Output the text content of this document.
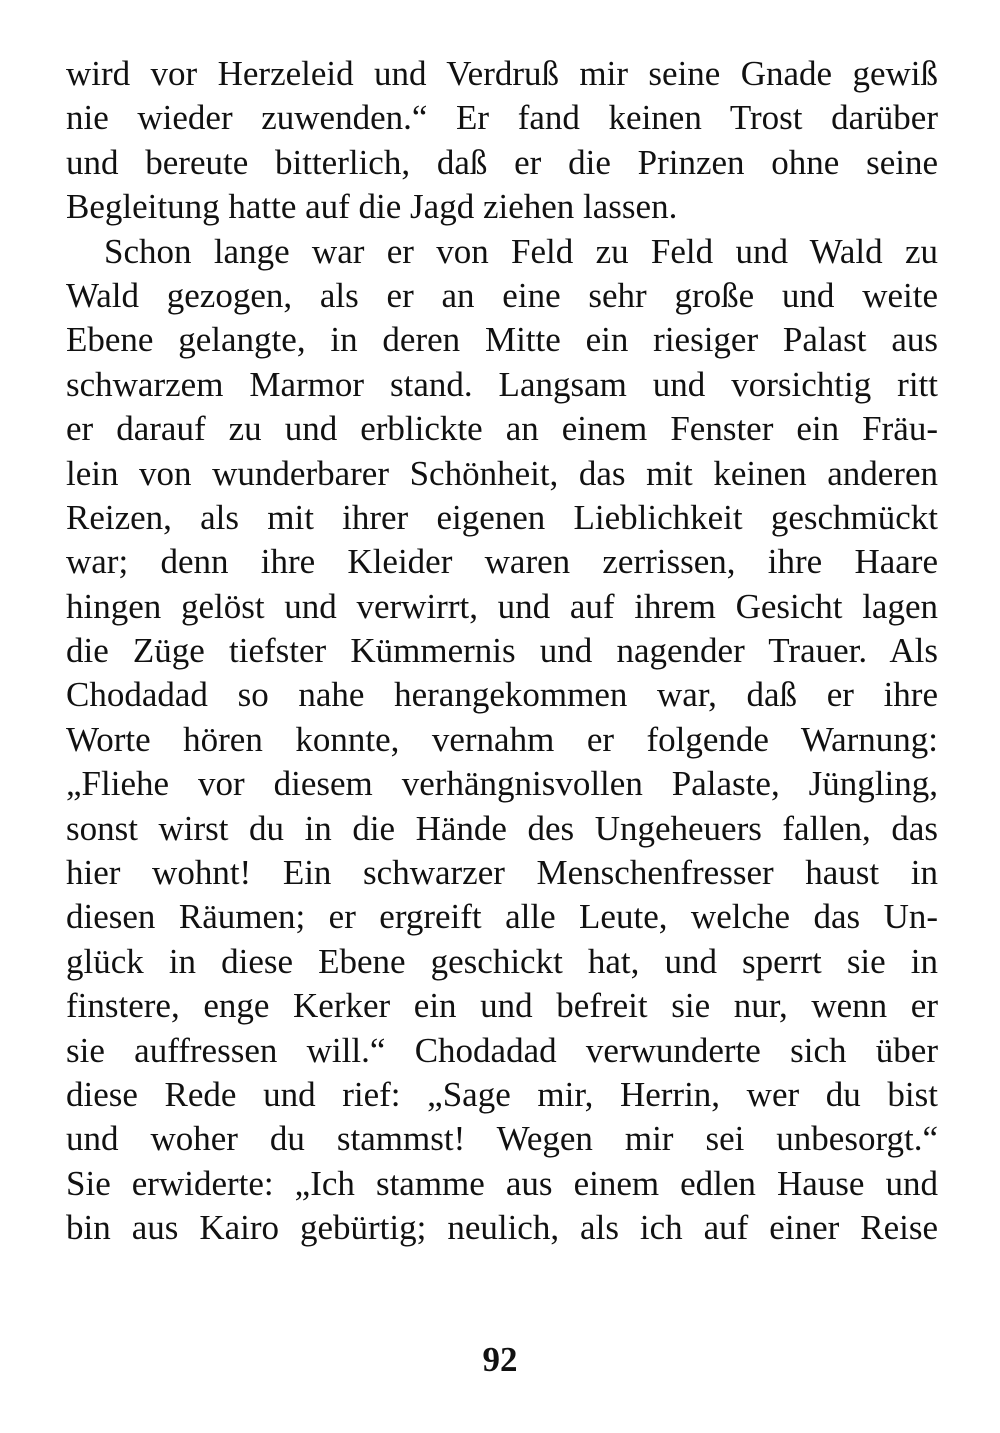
wird vor Herzeleid und Verdruß mir seine Gnade gewiß
nie wieder zuwenden.“ Er fand keinen Trost darüber
und bereute bitterlich, daß er die Prinzen ohne seine
Begleitung hatte auf die Jagd ziehen lassen.
Schon lange war er von Feld zu Feld und Wald zu
Wald gezogen, als er an eine sehr große und weite
Ebene gelangte, in deren Mitte ein riesiger Palast aus
schwarzem Marmor stand. Langsam und vorsichtig ritt
er darauf zu und erblickte an einem Fenster ein Fräu-
lein von wunderbarer Schönheit, das mit keinen anderen
Reizen, als mit ihrer eigenen Lieblichkeit geschmückt
war; denn ihre Kleider waren zerrissen, ihre Haare
hingen gelöst und verwirrt, und auf ihrem Gesicht lagen
die Züge tiefster Kümmernis und nagender Trauer. Als
Chodadad so nahe herangekommen war, daß er ihre
Worte hören konnte, vernahm er folgende Warnung:
„Fliehe vor diesem verhängnisvollen Palaste, Jüngling,
sonst wirst du in die Hände des Ungeheuers fallen, das
hier wohnt! Ein schwarzer Menschenfresser haust in
diesen Räumen; er ergreift alle Leute, welche das Un-
glück in diese Ebene geschickt hat, und sperrt sie in
finstere, enge Kerker ein und befreit sie nur, wenn er
sie auffressen will.“ Chodadad verwunderte sich über
diese Rede und rief: „Sage mir, Herrin, wer du bist
und woher du stammst! Wegen mir sei unbesorgt.“
Sie erwiderte: „Ich stamme aus einem edlen Hause und
bin aus Kairo gebürtig; neulich, als ich auf einer Reise
92
